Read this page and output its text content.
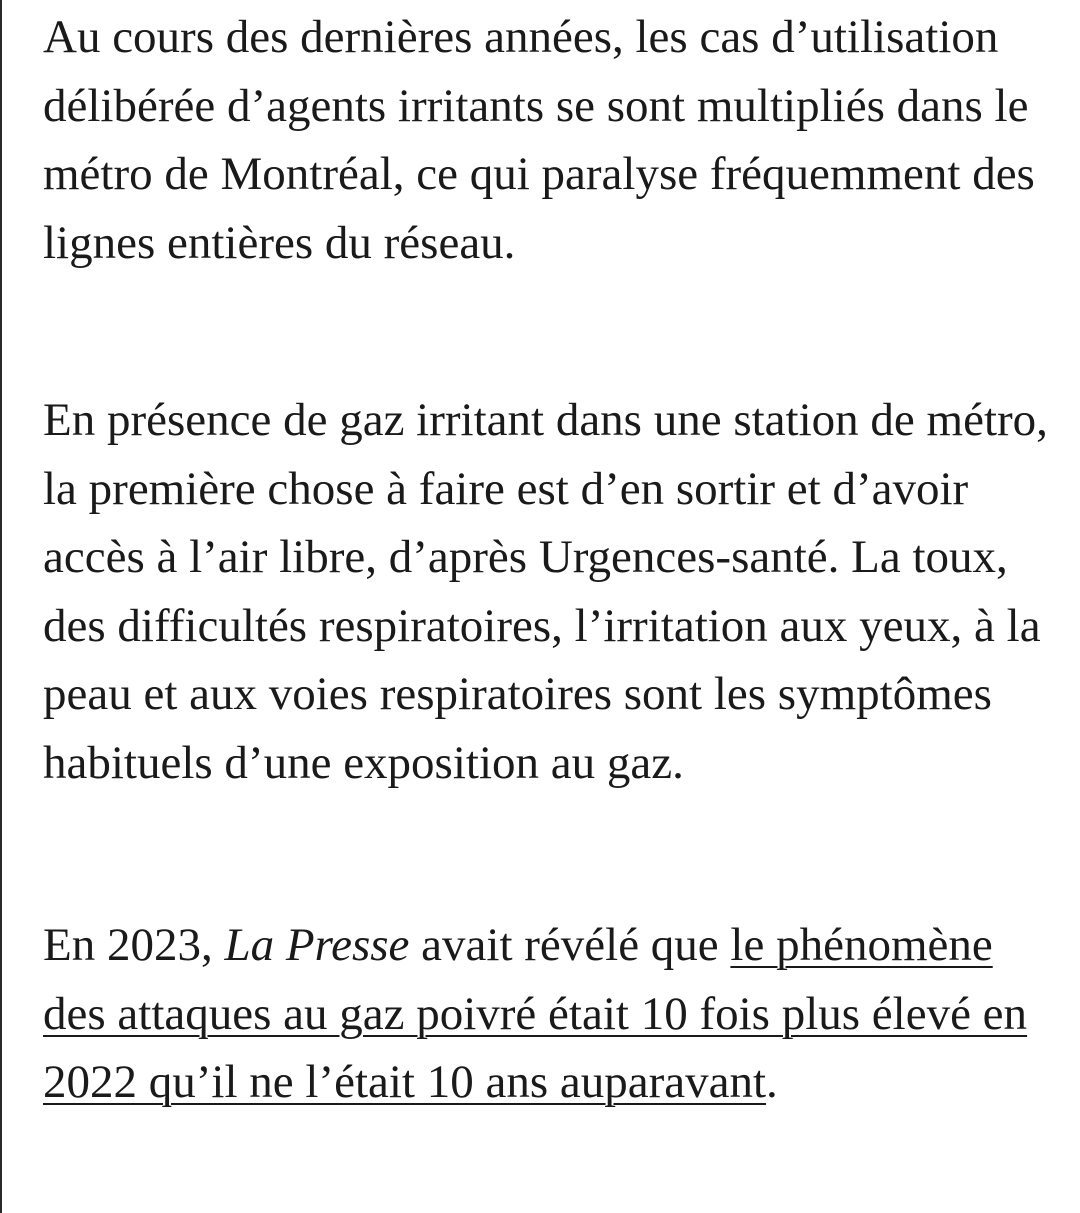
Au cours des dernières années, les cas d’utilisation délibérée d’agents irritants se sont multipliés dans le métro de Montréal, ce qui paralyse fréquemment des lignes entières du réseau.

En présence de gaz irritant dans une station de métro, la première chose à faire est d’en sortir et d’avoir accès à l’air libre, d’après Urgences-santé. La toux, des difficultés respiratoires, l’irritation aux yeux, à la peau et aux voies respiratoires sont les symptômes habituels d’une exposition au gaz.

En 2023, La Presse avait révélé que le phénomène des attaques au gaz poivré était 10 fois plus élevé en 2022 qu’il ne l’était 10 ans auparavant.
